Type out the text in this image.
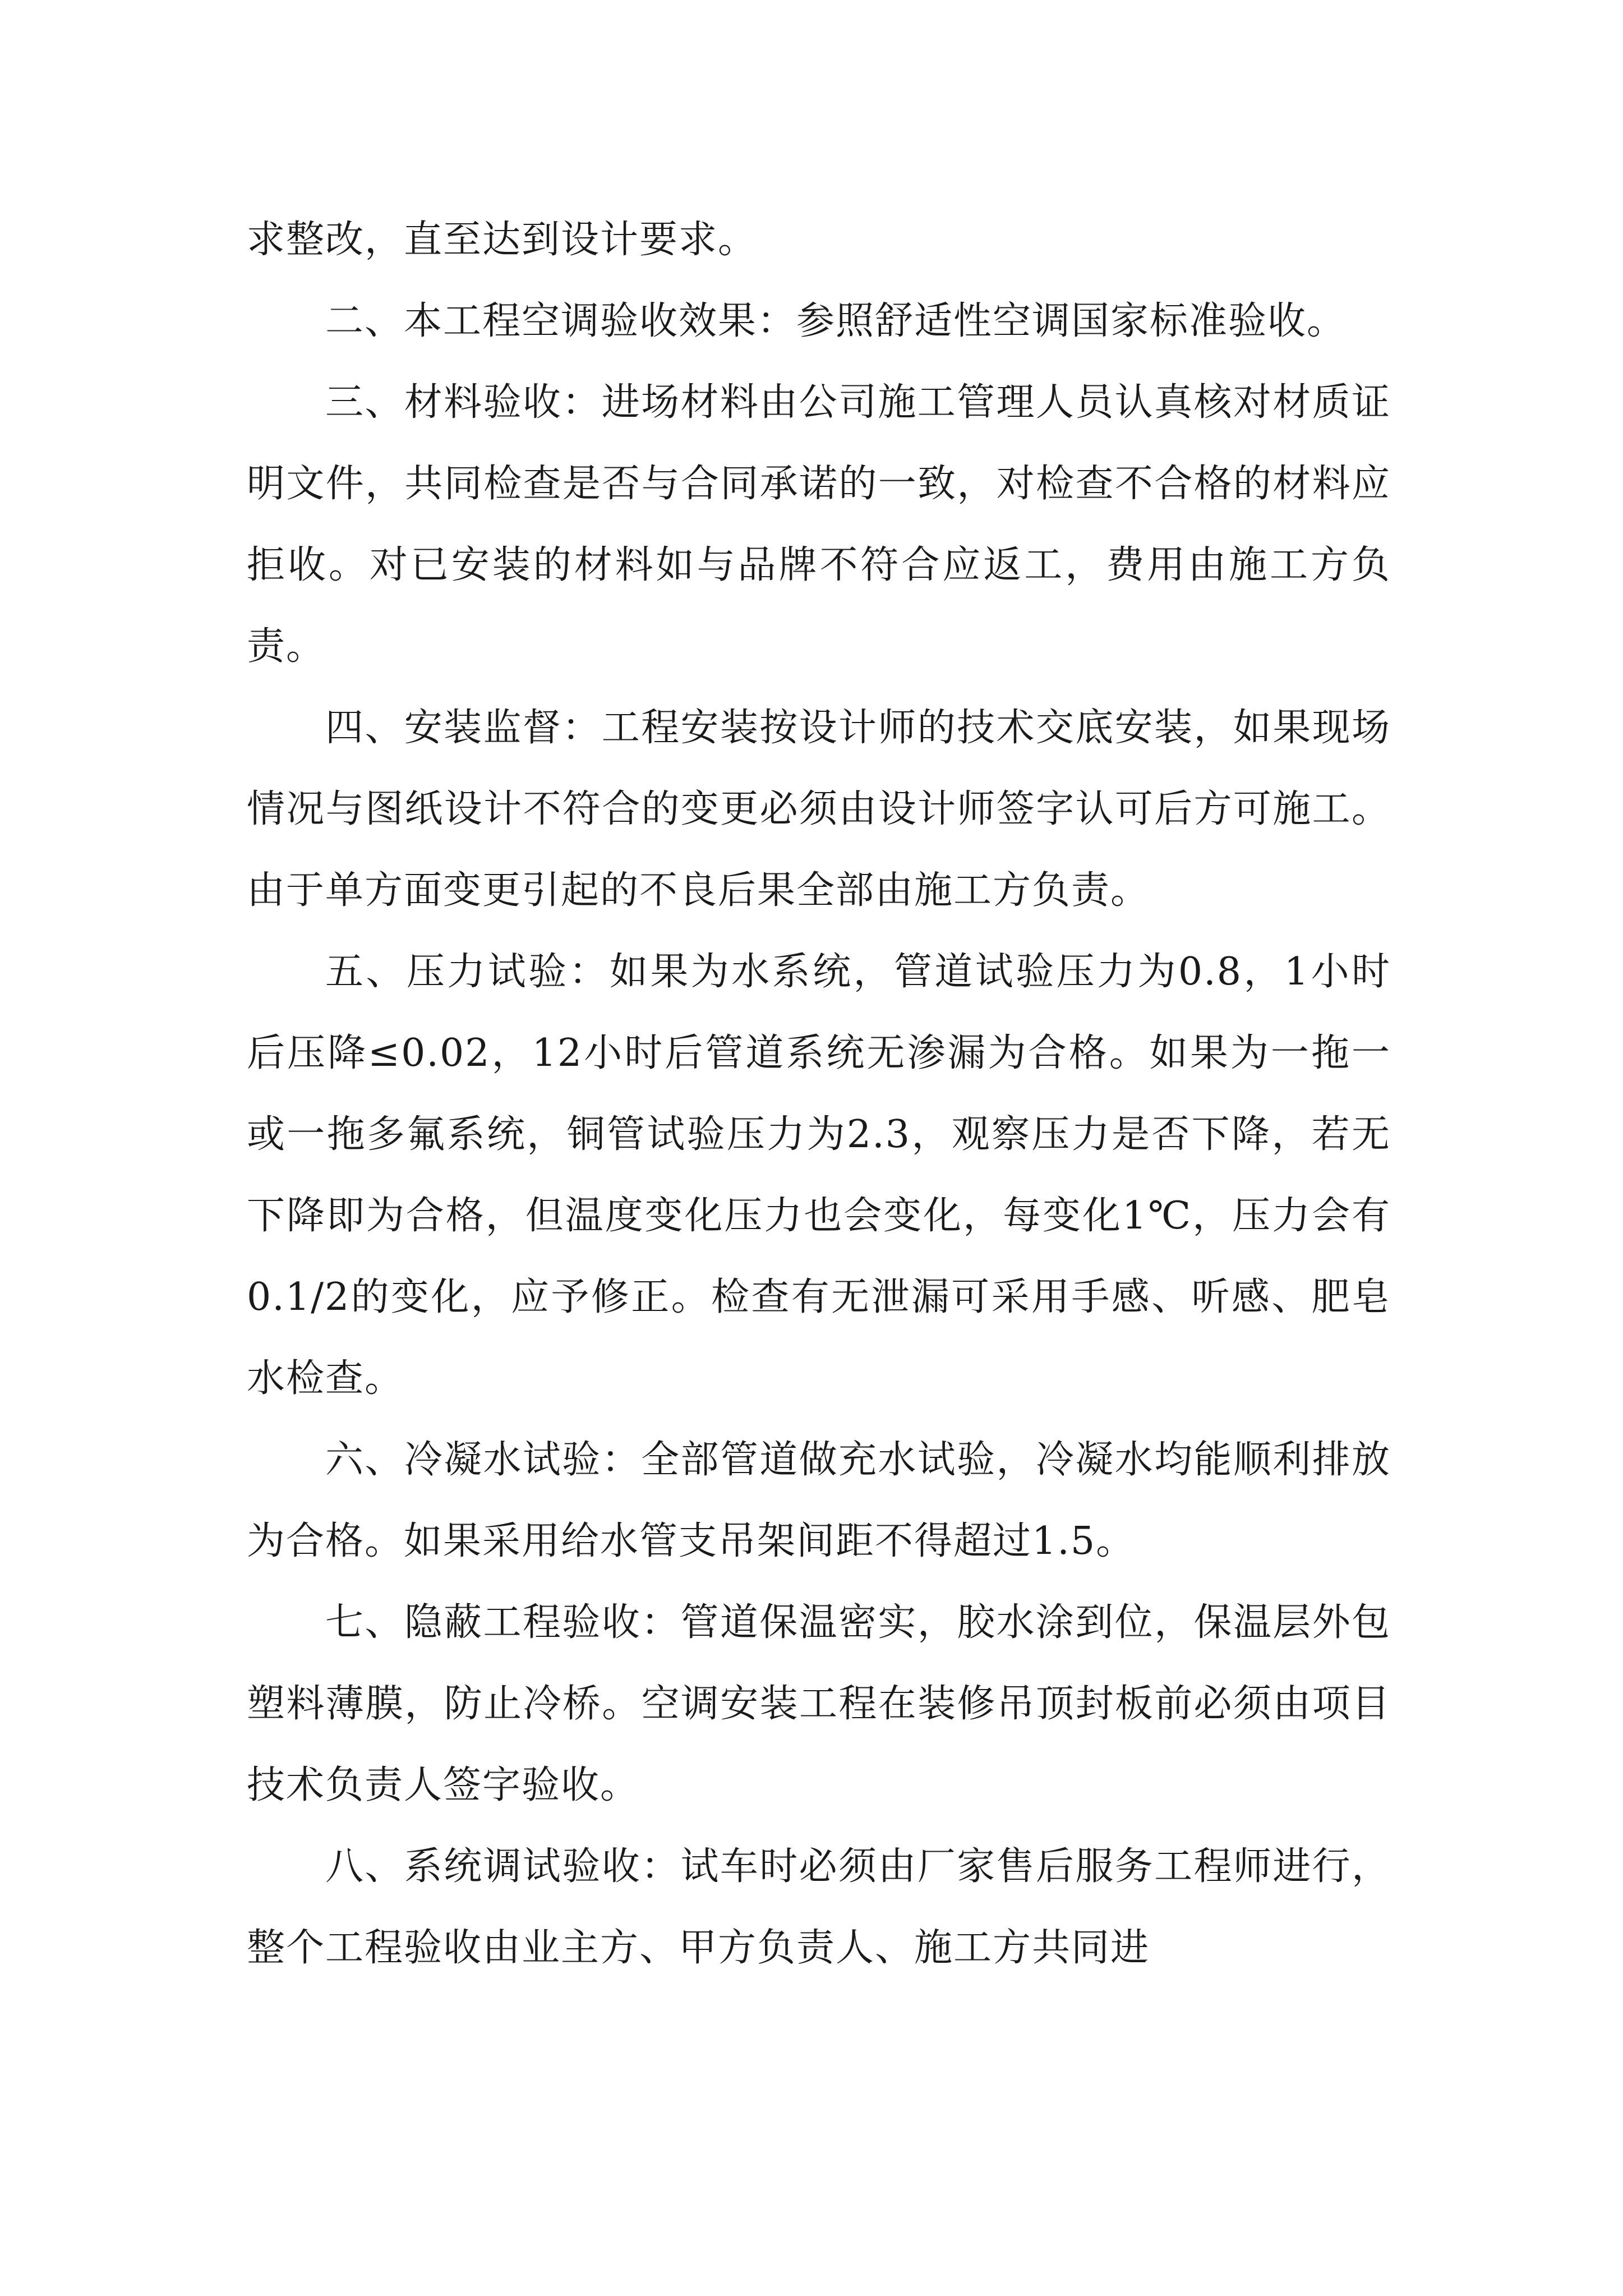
求整改，直至达到设计要求。

二、本工程空调验收效果：参照舒适性空调国家标准验收。

三、材料验收：进场材料由公司施工管理人员认真核对材质证明文件，共同检查是否与合同承诺的一致，对检查不合格的材料应拒收。对已安装的材料如与品牌不符合应返工，费用由施工方负责。

四、安装监督：工程安装按设计师的技术交底安装，如果现场情况与图纸设计不符合的变更必须由设计师签字认可后方可施工。由于单方面变更引起的不良后果全部由施工方负责。

五、压力试验：如果为水系统，管道试验压力为0.8，1小时后压降≤0.02，12小时后管道系统无渗漏为合格。如果为一拖一或一拖多氟系统，铜管试验压力为2.3，观察压力是否下降，若无下降即为合格，但温度变化压力也会变化，每变化1℃，压力会有0.1/2的变化，应予修正。检查有无泄漏可采用手感、听感、肥皂水检查。

六、冷凝水试验：全部管道做充水试验，冷凝水均能顺利排放为合格。如果采用给水管支吊架间距不得超过1.5。

七、隐蔽工程验收：管道保温密实，胶水涂到位，保温层外包塑料薄膜，防止冷桥。空调安装工程在装修吊顶封板前必须由项目技术负责人签字验收。

八、系统调试验收：试车时必须由厂家售后服务工程师进行，整个工程验收由业主方、甲方负责人、施工方共同进
